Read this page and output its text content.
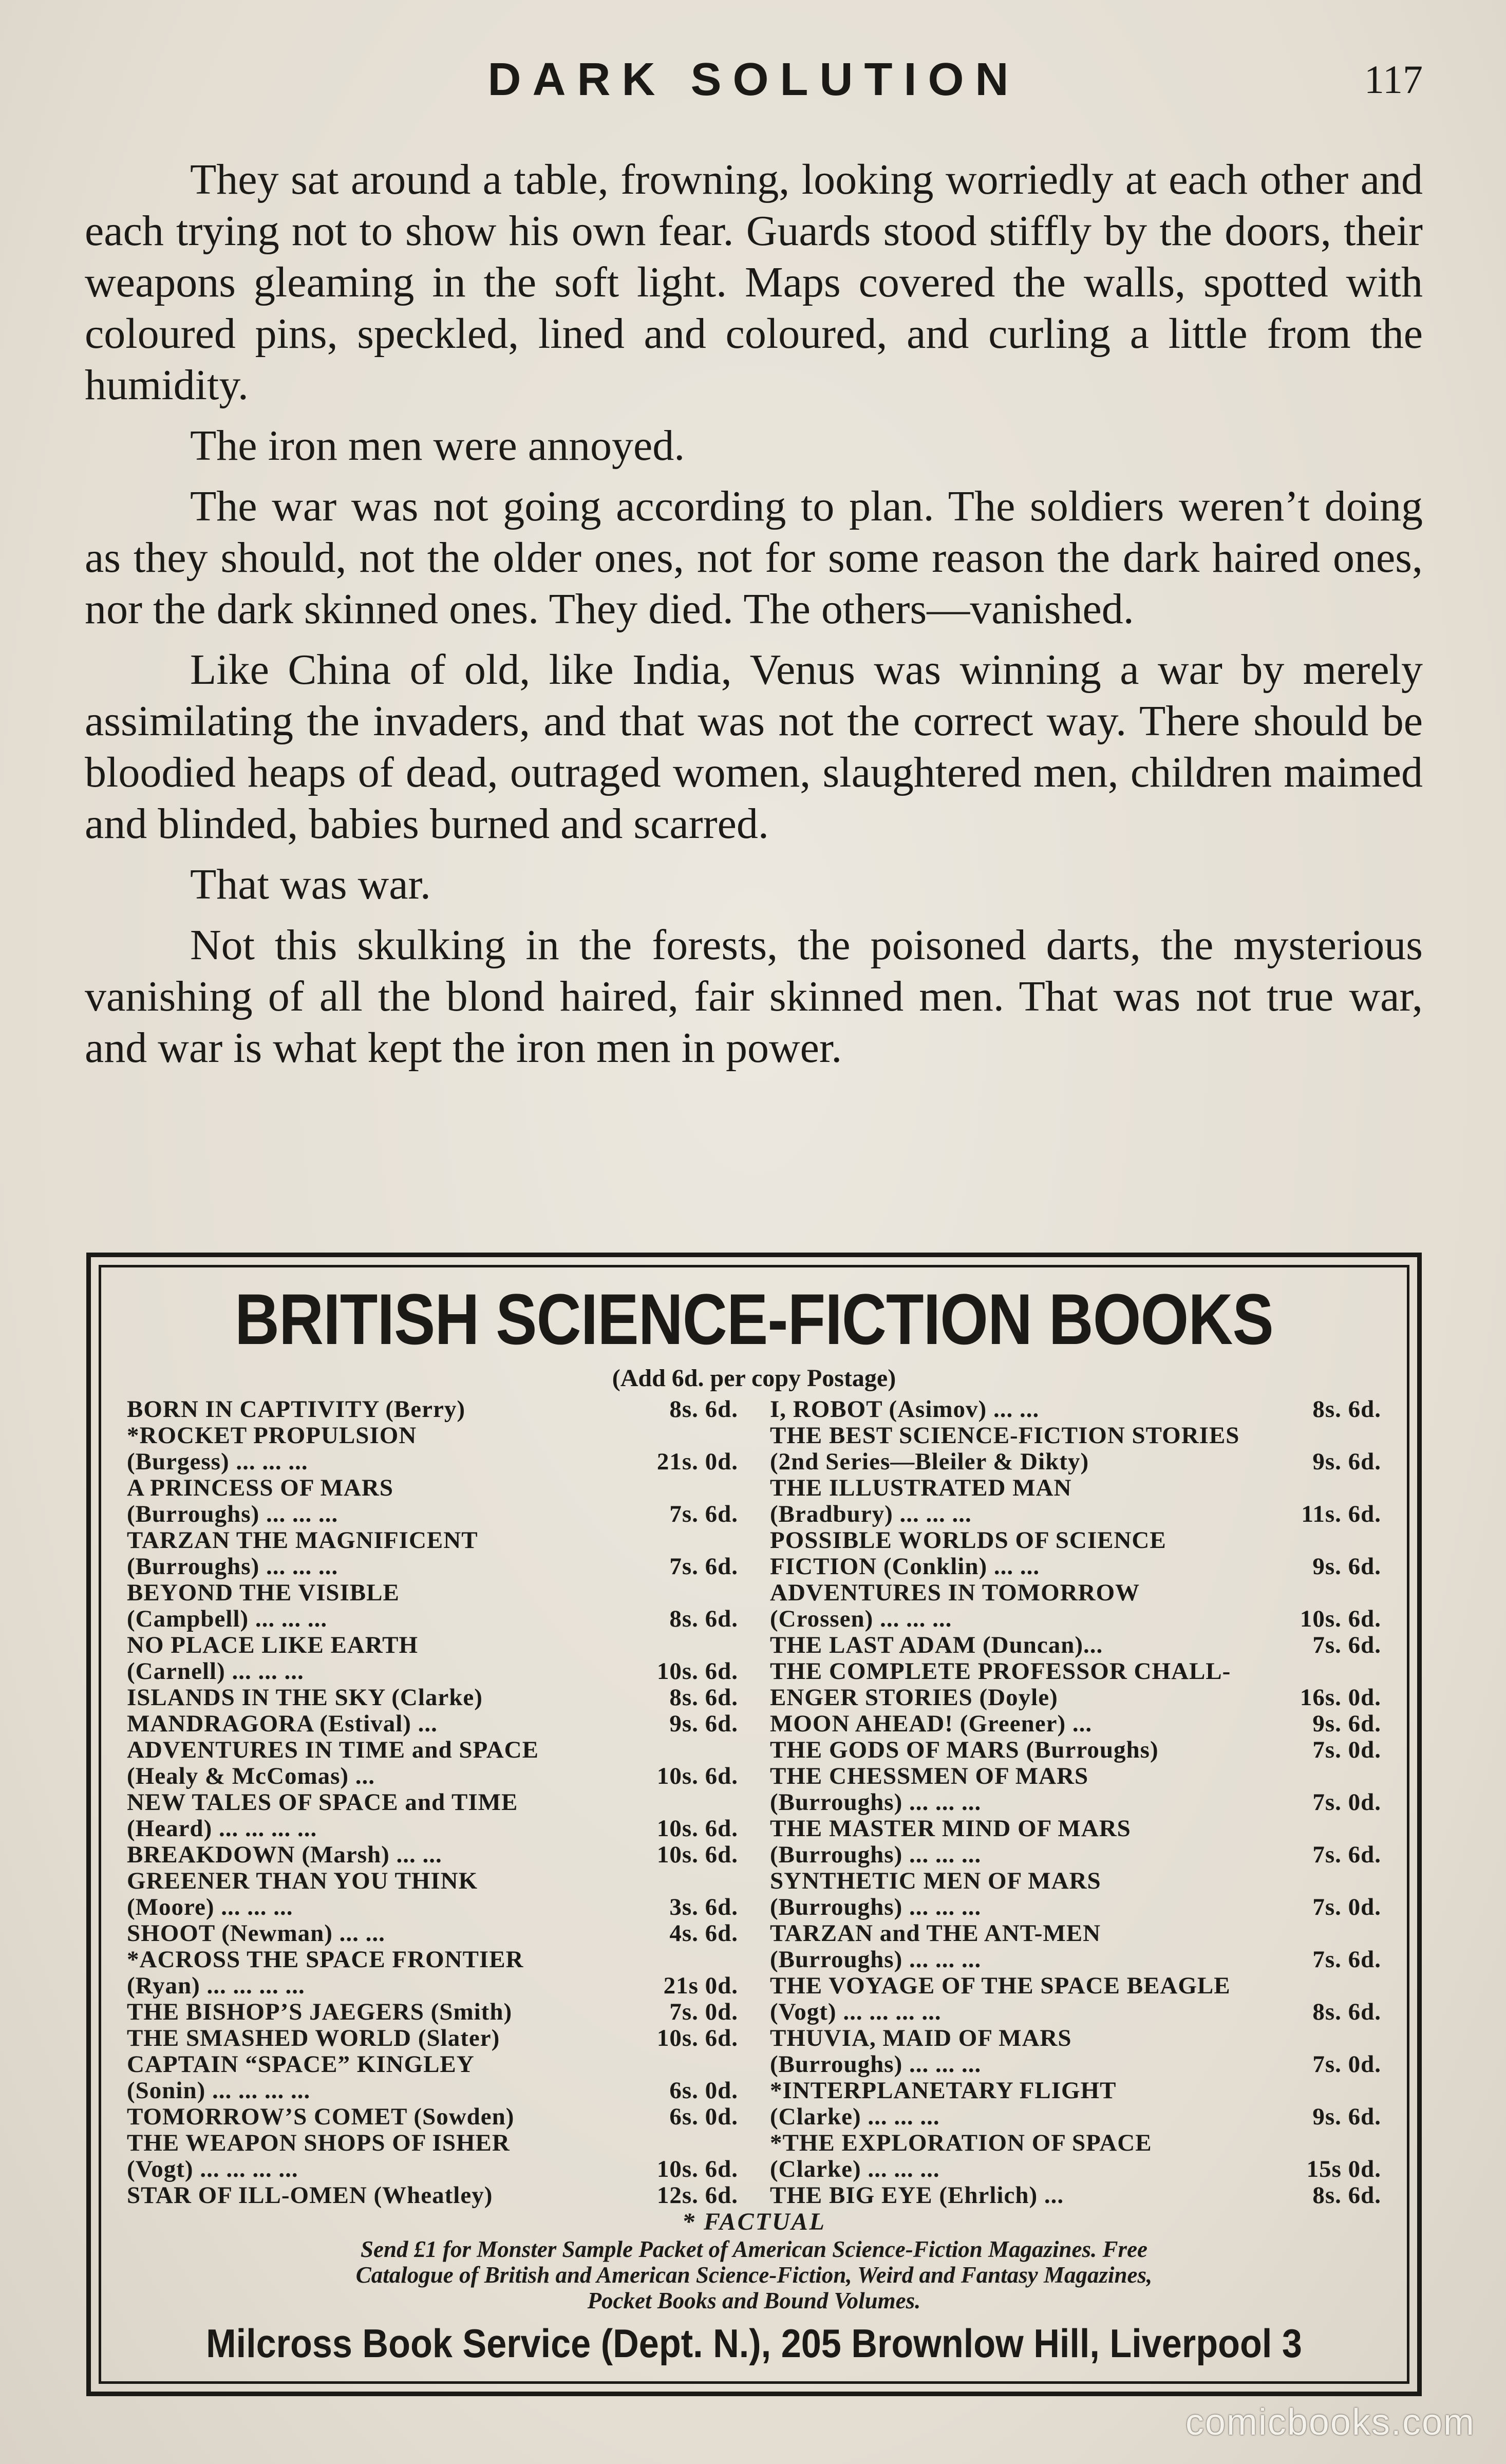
DARK SOLUTION	117

They sat around a table, frowning, looking worriedly at each other and each trying not to show his own fear. Guards stood stiffly by the doors, their weapons gleaming in the soft light. Maps covered the walls, spotted with coloured pins, speckled, lined and coloured, and curling a little from the humidity.

The iron men were annoyed.

The war was not going according to plan. The soldiers weren’t doing as they should, not the older ones, not for some reason the dark haired ones, nor the dark skinned ones. They died. The others—vanished.

Like China of old, like India, Venus was winning a war by merely assimilating the invaders, and that was not the correct way. There should be bloodied heaps of dead, outraged women, slaughtered men, children maimed and blinded, babies burned and scarred.

That was war.

Not this skulking in the forests, the poisoned darts, the mysterious vanishing of all the blond haired, fair skinned men. That was not true war, and war is what kept the iron men in power.

BRITISH SCIENCE-FICTION BOOKS
(Add 6d. per copy Postage)
BORN IN CAPTIVITY (Berry)	8s. 6d.
*ROCKET PROPULSION
(Burgess) ... ... ...	21s. 0d.
A PRINCESS OF MARS
(Burroughs) ... ... ...	7s. 6d.
TARZAN THE MAGNIFICENT
(Burroughs) ... ... ...	7s. 6d.
BEYOND THE VISIBLE
(Campbell) ... ... ...	8s. 6d.
NO PLACE LIKE EARTH
(Carnell) ... ... ...	10s. 6d.
ISLANDS IN THE SKY (Clarke)	8s. 6d.
MANDRAGORA (Estival) ...	9s. 6d.
ADVENTURES IN TIME and SPACE
(Healy & McComas) ...	10s. 6d.
NEW TALES OF SPACE and TIME
(Heard) ... ... ... ...	10s. 6d.
BREAKDOWN (Marsh) ... ...	10s. 6d.
GREENER THAN YOU THINK
(Moore) ... ... ...	3s. 6d.
SHOOT (Newman) ... ...	4s. 6d.
*ACROSS THE SPACE FRONTIER
(Ryan) ... ... ... ...	21s 0d.
THE BISHOP’S JAEGERS (Smith)	7s. 0d.
THE SMASHED WORLD (Slater)	10s. 6d.
CAPTAIN “SPACE” KINGLEY
(Sonin) ... ... ... ...	6s. 0d.
TOMORROW’S COMET (Sowden)	6s. 0d.
THE WEAPON SHOPS OF ISHER
(Vogt) ... ... ... ...	10s. 6d.
STAR OF ILL-OMEN (Wheatley)	12s. 6d.
I, ROBOT (Asimov) ... ...	8s. 6d.
THE BEST SCIENCE-FICTION STORIES
(2nd Series—Bleiler & Dikty)	9s. 6d.
THE ILLUSTRATED MAN
(Bradbury) ... ... ...	11s. 6d.
POSSIBLE WORLDS OF SCIENCE
FICTION (Conklin) ... ...	9s. 6d.
ADVENTURES IN TOMORROW
(Crossen) ... ... ...	10s. 6d.
THE LAST ADAM (Duncan)...	7s. 6d.
THE COMPLETE PROFESSOR CHALL-
ENGER STORIES (Doyle)	16s. 0d.
MOON AHEAD! (Greener) ...	9s. 6d.
THE GODS OF MARS (Burroughs)	7s. 0d.
THE CHESSMEN OF MARS
(Burroughs) ... ... ...	7s. 0d.
THE MASTER MIND OF MARS
(Burroughs) ... ... ...	7s. 6d.
SYNTHETIC MEN OF MARS
(Burroughs) ... ... ...	7s. 0d.
TARZAN and THE ANT-MEN
(Burroughs) ... ... ...	7s. 6d.
THE VOYAGE OF THE SPACE BEAGLE
(Vogt) ... ... ... ...	8s. 6d.
THUVIA, MAID OF MARS
(Burroughs) ... ... ...	7s. 0d.
*INTERPLANETARY FLIGHT
(Clarke) ... ... ...	9s. 6d.
*THE EXPLORATION OF SPACE
(Clarke) ... ... ...	15s 0d.
THE BIG EYE (Ehrlich) ...	8s. 6d.
* FACTUAL
Send £1 for Monster Sample Packet of American Science-Fiction Magazines. Free
Catalogue of British and American Science-Fiction, Weird and Fantasy Magazines,
Pocket Books and Bound Volumes.
Milcross Book Service (Dept. N.), 205 Brownlow Hill, Liverpool 3
comicbooks.com
